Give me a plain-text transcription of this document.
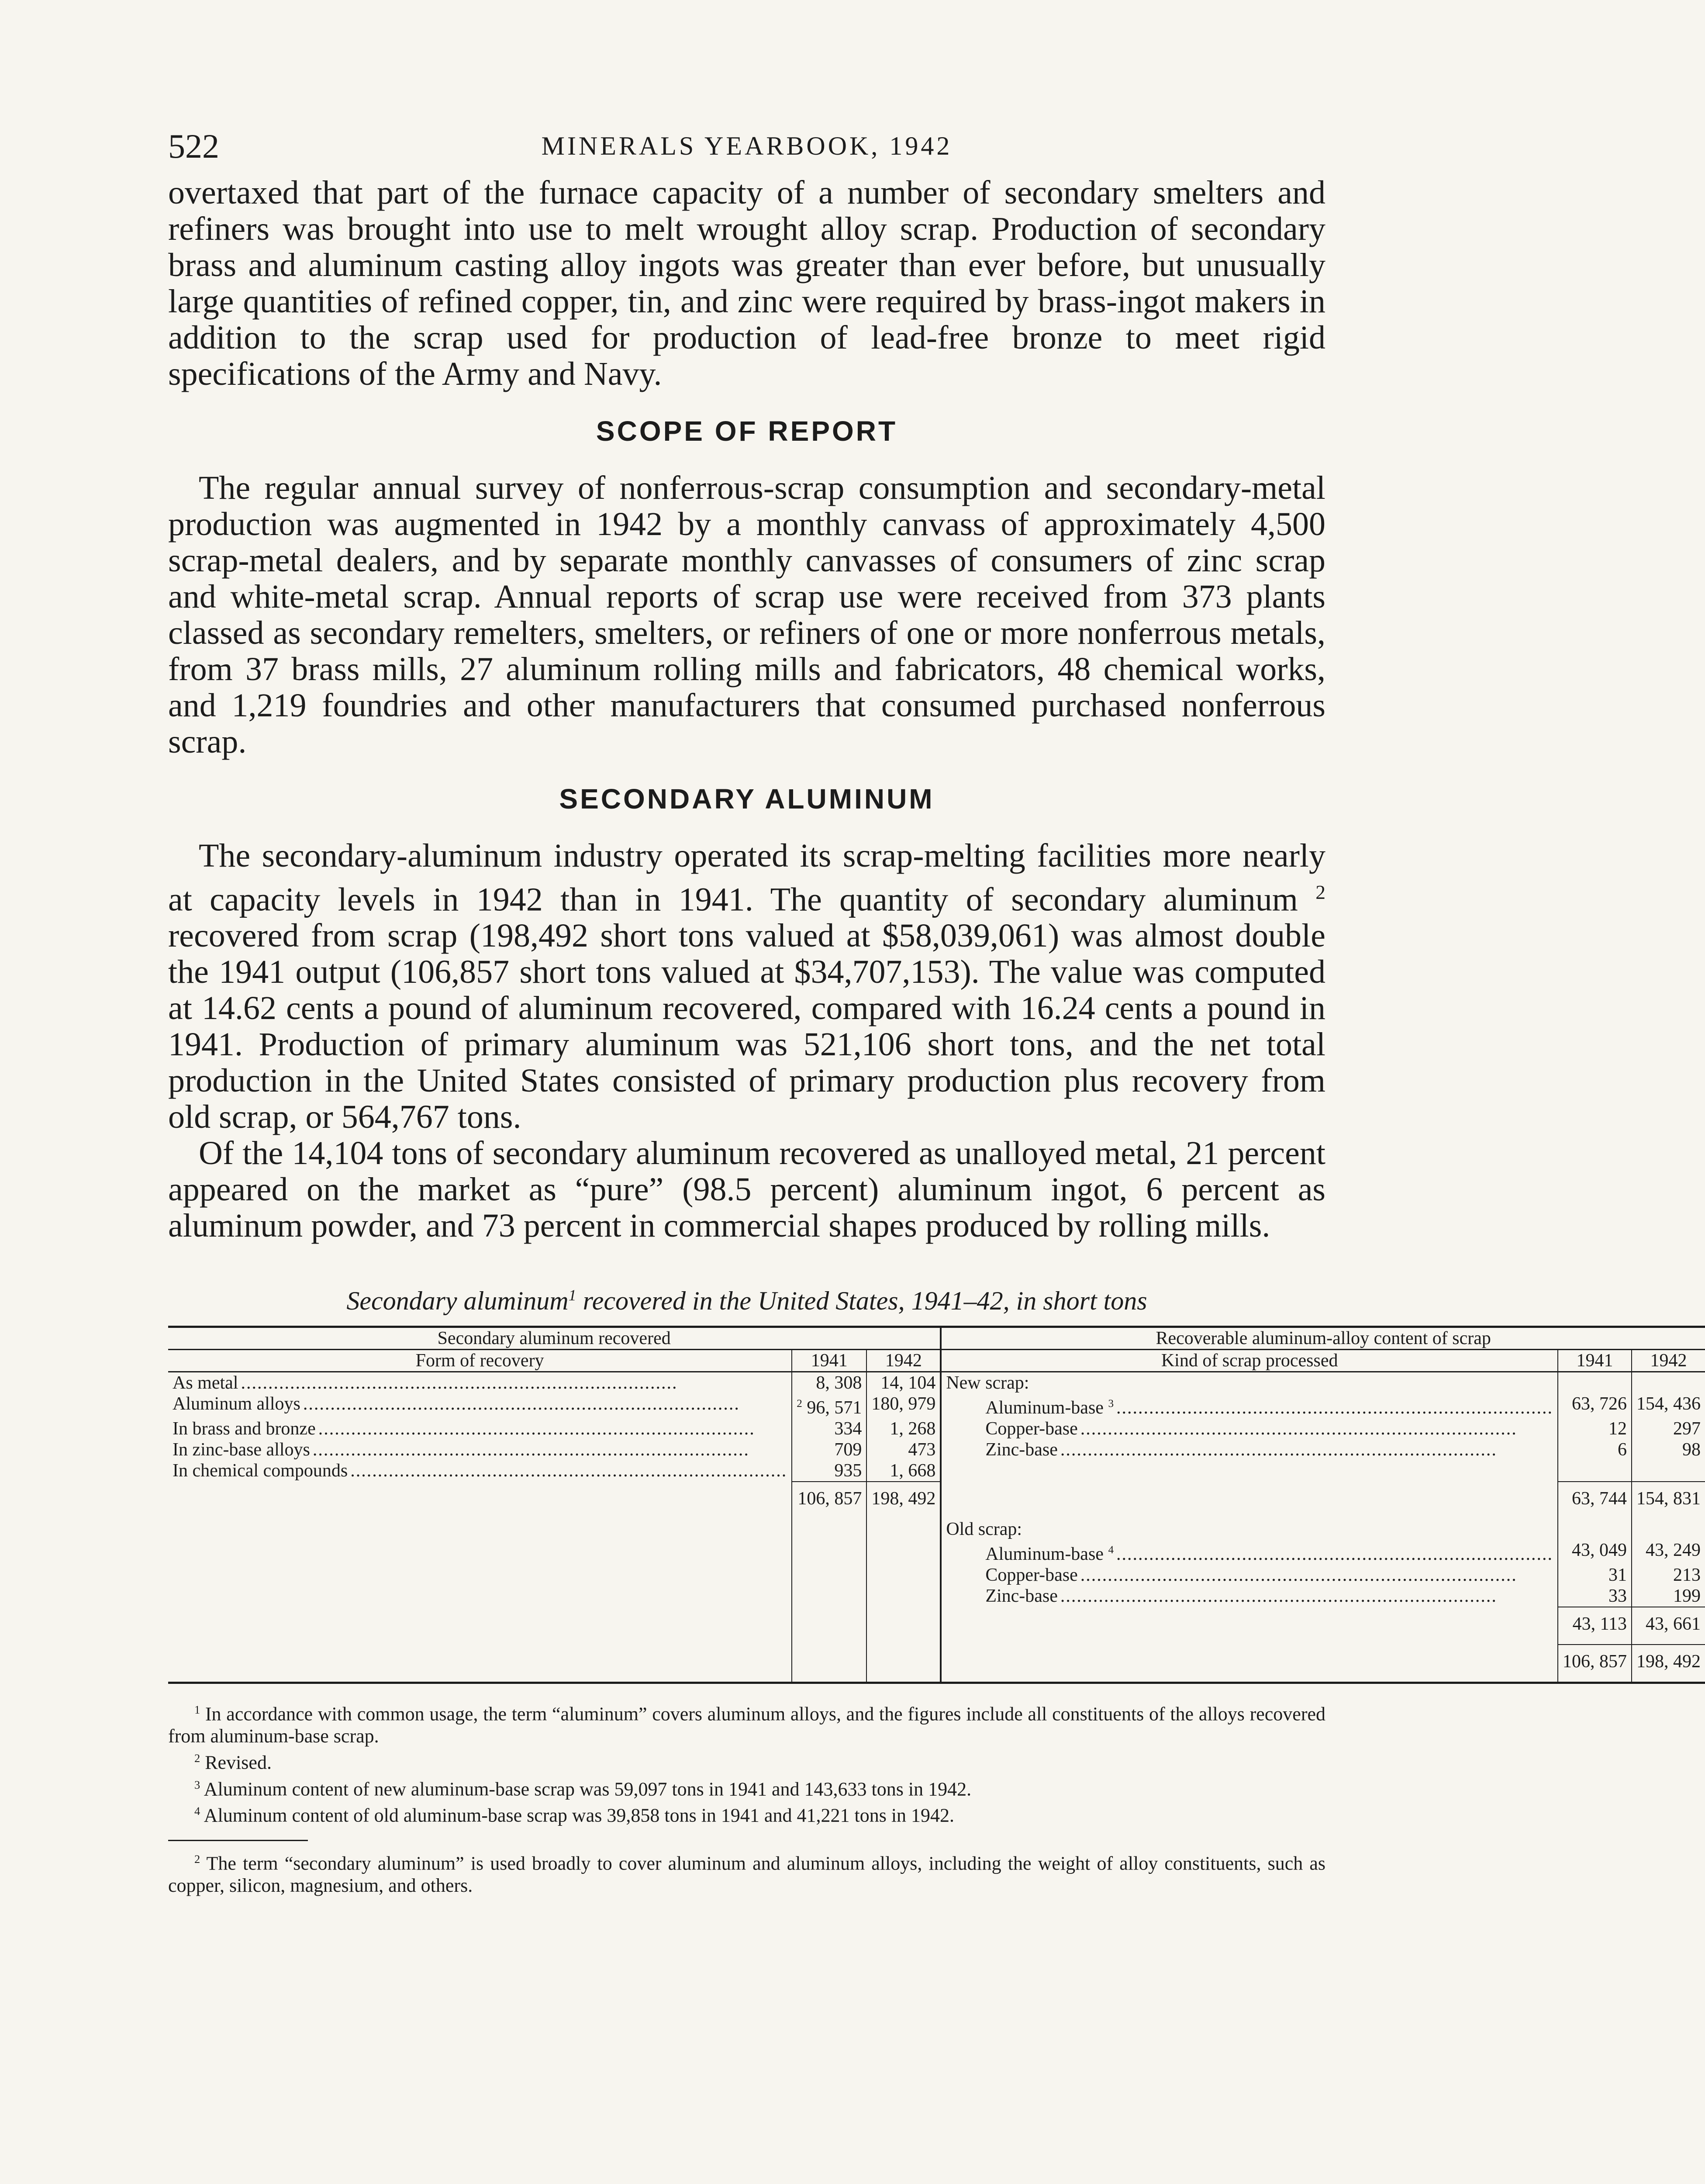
522	MINERALS YEARBOOK, 1942

overtaxed that part of the furnace capacity of a number of secondary smelters and refiners was brought into use to melt wrought alloy scrap. Production of secondary brass and aluminum casting alloy ingots was greater than ever before, but unusually large quantities of refined copper, tin, and zinc were required by brass-ingot makers in addition to the scrap used for production of lead-free bronze to meet rigid specifications of the Army and Navy.

SCOPE OF REPORT

The regular annual survey of nonferrous-scrap consumption and secondary-metal production was augmented in 1942 by a monthly canvass of approximately 4,500 scrap-metal dealers, and by separate monthly canvasses of consumers of zinc scrap and white-metal scrap. Annual reports of scrap use were received from 373 plants classed as secondary remelters, smelters, or refiners of one or more nonferrous metals, from 37 brass mills, 27 aluminum rolling mills and fabricators, 48 chemical works, and 1,219 foundries and other manufacturers that consumed purchased nonferrous scrap.

SECONDARY ALUMINUM

The secondary-aluminum industry operated its scrap-melting facilities more nearly at capacity levels in 1942 than in 1941. The quantity of secondary aluminum $^2$ recovered from scrap (198,492 short tons valued at $58,039,061) was almost double the 1941 output (106,857 short tons valued at $34,707,153). The value was computed at 14.62 cents a pound of aluminum recovered, compared with 16.24 cents a pound in 1941. Production of primary aluminum was 521,106 short tons, and the net total production in the United States consisted of primary production plus recovery from old scrap, or 564,767 tons.

Of the 14,104 tons of secondary aluminum recovered as unalloyed metal, 21 percent appeared on the market as “pure” (98.5 percent) aluminum ingot, 6 percent as aluminum powder, and 73 percent in commercial shapes produced by rolling mills.

Secondary aluminum$^1$ recovered in the United States, 1941–42, in short tons
Secondary aluminum recovered			Recoverable aluminum-alloy content of scrap		
Form of recovery	1941	1942	Kind of scrap processed	1941	1942
As metal .....	8, 308	14, 104	New scrap:		
Aluminum alloys .....	$^2$ 96, 571	180, 979	Aluminum-base $^3$ .....	63, 726	154, 436
In brass and bronze .....	334	1, 268	Copper-base .....	12	297
In zinc-base alloys .....	709	473	Zinc-base .....	6	98
In chemical compounds .....	935	1, 668			
	106, 857	198, 492		63, 744	154, 831
			Old scrap:		
			Aluminum-base $^4$ .....	43, 049	43, 249
			Copper-base .....	31	213
			Zinc-base .....	33	199
				43, 113	43, 661
				106, 857	198, 492

$^1$ In accordance with common usage, the term “aluminum” covers aluminum alloys, and the figures include all constituents of the alloys recovered from aluminum-base scrap.

$^2$ Revised.

$^3$ Aluminum content of new aluminum-base scrap was 59,097 tons in 1941 and 143,633 tons in 1942.

$^4$ Aluminum content of old aluminum-base scrap was 39,858 tons in 1941 and 41,221 tons in 1942.

$^2$ The term “secondary aluminum” is used broadly to cover aluminum and aluminum alloys, including the weight of alloy constituents, such as copper, silicon, magnesium, and others.
